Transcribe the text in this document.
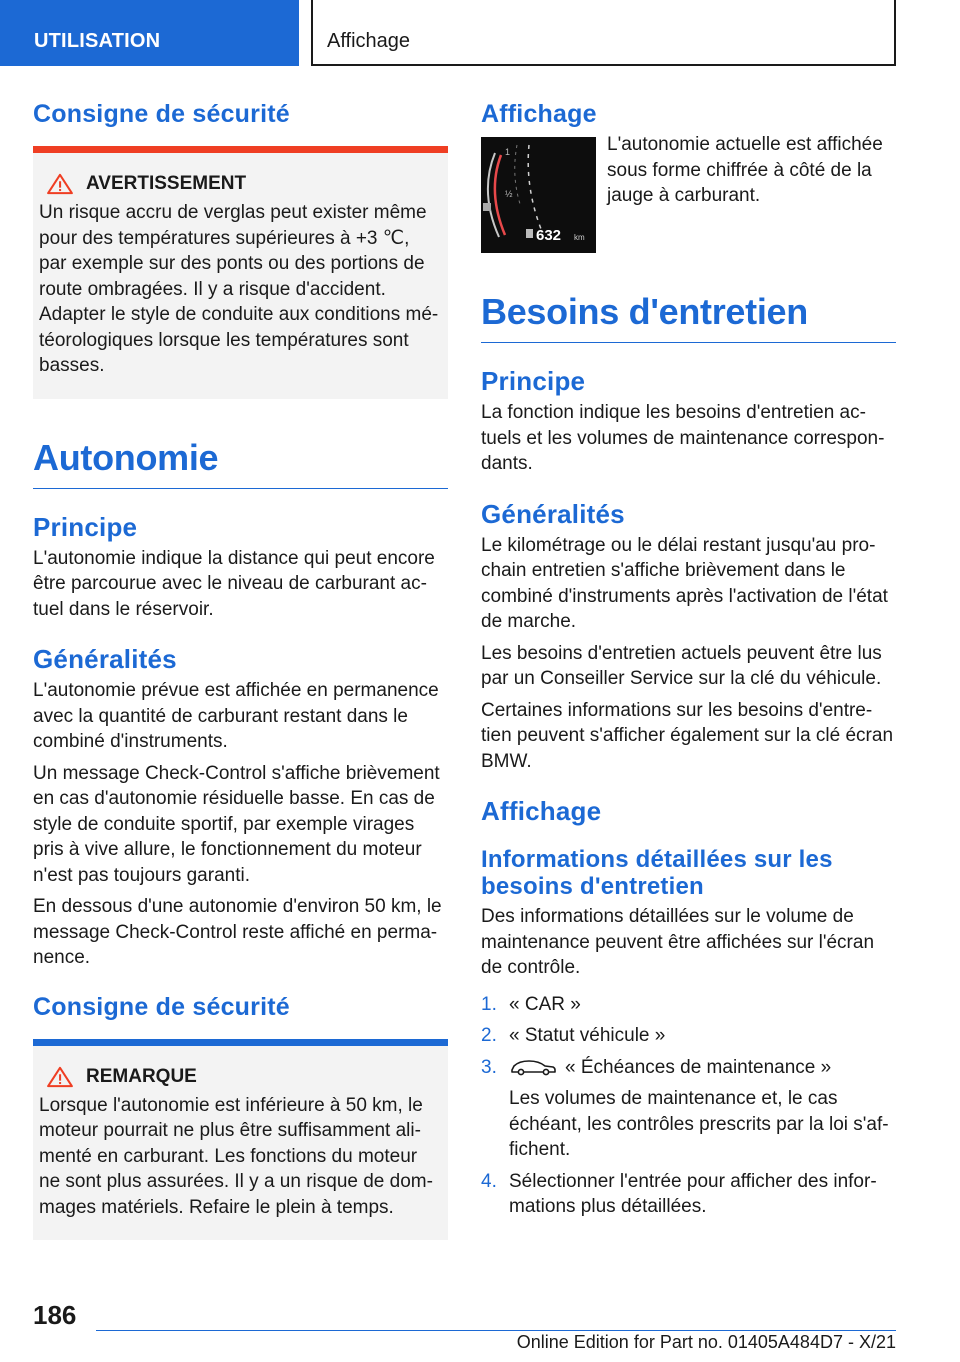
UTILISATION	Affichage
Consigne de sécurité
AVERTISSEMENT

Un risque accru de verglas peut exister même pour des températures supérieures à +3 ℃, par exemple sur des ponts ou des portions de route ombragées. Il y a risque d'accident. Adapter le style de conduite aux conditions météorologiques lorsque les températures sont basses.

Autonomie
Principe

L'autonomie indique la distance qui peut encore être parcourue avec le niveau de carburant actuel dans le réservoir.

Généralités

L'autonomie prévue est affichée en permanence avec la quantité de carburant restant dans le combiné d'instruments.

Un message Check-Control s'affiche brièvement en cas d'autonomie résiduelle basse. En cas de style de conduite sportif, par exemple virages pris à vive allure, le fonctionnement du moteur n'est pas toujours garanti.

En dessous d'une autonomie d'environ 50 km, le message Check-Control reste affiché en permanence.

Consigne de sécurité
REMARQUE

Lorsque l'autonomie est inférieure à 50 km, le moteur pourrait ne plus être suffisamment alimenté en carburant. Les fonctions du moteur ne sont plus assurées. Il y a un risque de dommages matériels. Refaire le plein à temps.

Affichage
1
½
632 km

L'autonomie actuelle est affichée sous forme chiffrée à côté de la jauge à carburant.

Besoins d'entretien
Principe

La fonction indique les besoins d'entretien actuels et les volumes de maintenance correspondants.

Généralités

Le kilométrage ou le délai restant jusqu'au prochain entretien s'affiche brièvement dans le combiné d'instruments après l'activation de l'état de marche.

Les besoins d'entretien actuels peuvent être lus par un Conseiller Service sur la clé du véhicule.

Certaines informations sur les besoins d'entretien peuvent s'afficher également sur la clé écran BMW.

Affichage
Informations détaillées sur les besoins d'entretien

Des informations détaillées sur le volume de maintenance peuvent être affichées sur l'écran de contrôle.

1. « CAR »
2. « Statut véhicule »
3.	« Échéances de maintenance »

Les volumes de maintenance et, le cas échéant, les contrôles prescrits par la loi s'affichent.

4. Sélectionner l'entrée pour afficher des informations plus détaillées.
186
Online Edition for Part no. 01405A484D7 - X/21
